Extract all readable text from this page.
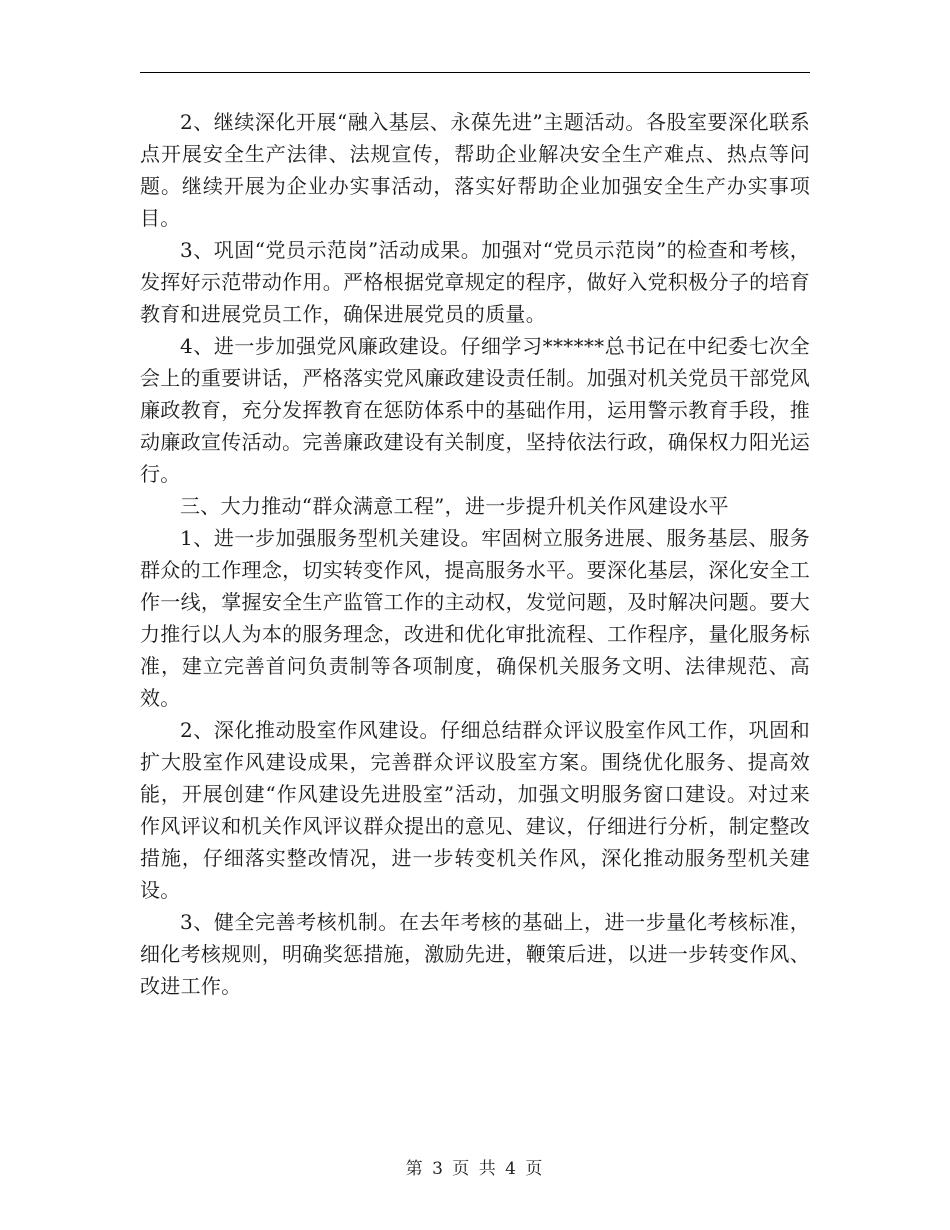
2、继续深化开展“融入基层、永葆先进”主题活动。各股室要深化联系点开展安全生产法律、法规宣传，帮助企业解决安全生产难点、热点等问题。继续开展为企业办实事活动，落实好帮助企业加强安全生产办实事项目。

3、巩固“党员示范岗”活动成果。加强对“党员示范岗”的检查和考核，发挥好示范带动作用。严格根据党章规定的程序，做好入党积极分子的培育教育和进展党员工作，确保进展党员的质量。

4、进一步加强党风廉政建设。仔细学习******总书记在中纪委七次全会上的重要讲话，严格落实党风廉政建设责任制。加强对机关党员干部党风廉政教育，充分发挥教育在惩防体系中的基础作用，运用警示教育手段，推动廉政宣传活动。完善廉政建设有关制度，坚持依法行政，确保权力阳光运行。

三、大力推动“群众满意工程”，进一步提升机关作风建设水平

1、进一步加强服务型机关建设。牢固树立服务进展、服务基层、服务群众的工作理念，切实转变作风，提高服务水平。要深化基层，深化安全工作一线，掌握安全生产监管工作的主动权，发觉问题，及时解决问题。要大力推行以人为本的服务理念，改进和优化审批流程、工作程序，量化服务标准，建立完善首问负责制等各项制度，确保机关服务文明、法律规范、高效。

2、深化推动股室作风建设。仔细总结群众评议股室作风工作，巩固和扩大股室作风建设成果，完善群众评议股室方案。围绕优化服务、提高效能，开展创建“作风建设先进股室”活动，加强文明服务窗口建设。对过来作风评议和机关作风评议群众提出的意见、建议，仔细进行分析，制定整改措施，仔细落实整改情况，进一步转变机关作风，深化推动服务型机关建设。

3、健全完善考核机制。在去年考核的基础上，进一步量化考核标准，细化考核规则，明确奖惩措施，激励先进，鞭策后进，以进一步转变作风、改进工作。

第 3 页 共 4 页
